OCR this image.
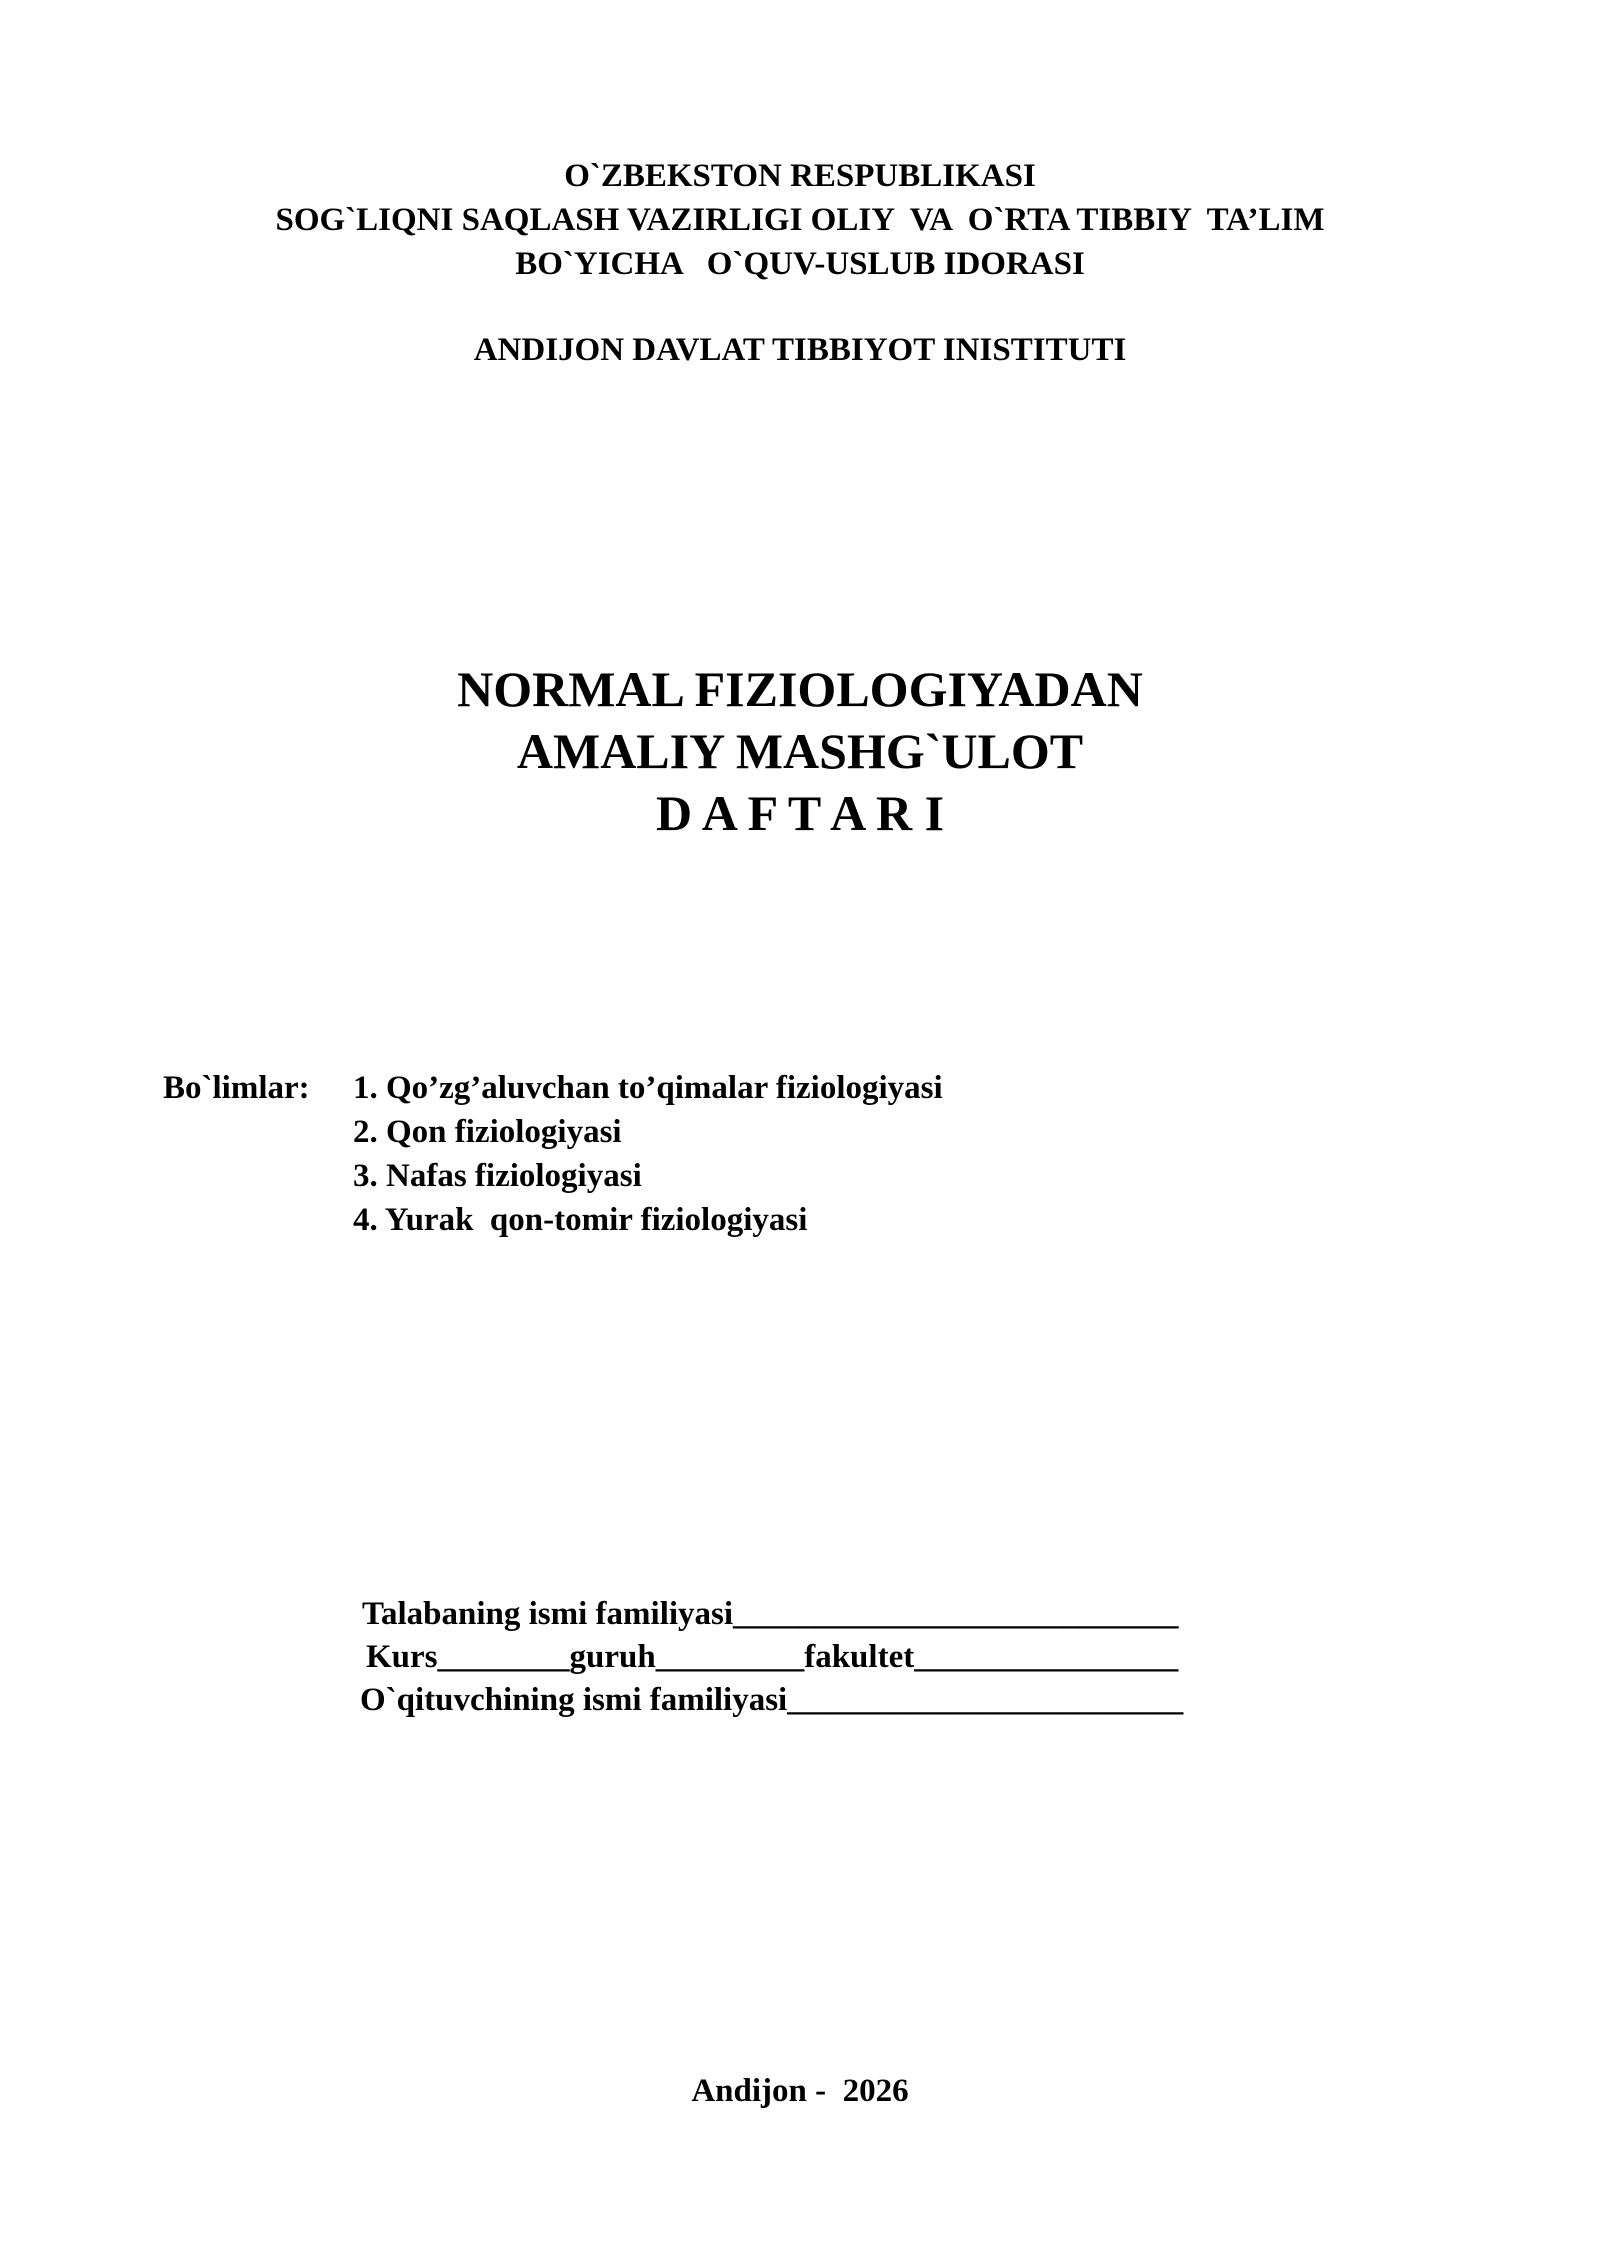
O`ZBEKSTON RESPUBLIKASI
SOG`LIQNI SAQLASH VAZIRLIGI OLIY  VA  O`RTA TIBBIY  TA’LIM
BO`YICHA   O`QUV-USLUB IDORASI
ANDIJON DAVLAT TIBBIYOT INISTITUTI
NORMAL FIZIOLOGIYADAN
AMALIY MASHG`ULOT
D A F T A R I
Bo`limlar:	1. Qo’zg’aluvchan to’qimalar fiziologiyasi
2. Qon fiziologiyasi
3. Nafas fiziologiyasi
4. Yurak  qon-tomir fiziologiyasi
Talabaning ismi familiyasi___________________________
Kurs________guruh_________fakultet________________
O`qituvchining ismi familiyasi________________________
Andijon -  2026
